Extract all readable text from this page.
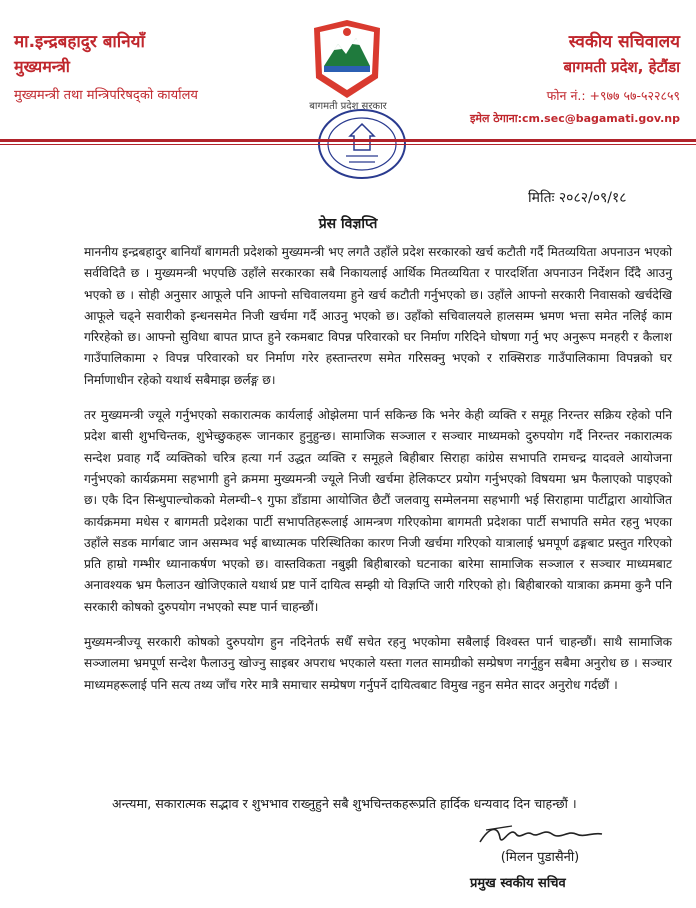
मा.इन्द्रबहादुर बानियाँ
मुख्यमन्त्री
मुख्यमन्त्री तथा मन्त्रिपरिषद्को कार्यालय
बागमती प्रदेश सरकार
स्वकीय सचिवालय
बागमती प्रदेश, हेटौंडा
फोन नं.: +९७७ ५७-५२२८५९
इमेल ठेगाना:cm.sec@bagamati.gov.np
मितिः २०८२/०९/१८
प्रेस विज्ञप्ति

माननीय इन्द्रबहादुर बानियाँ बागमती प्रदेशको मुख्यमन्त्री भए लगतै उहाँले प्रदेश सरकारको खर्च कटौती गर्दै मितव्ययिता अपनाउन भएको सर्वविदितै छ । मुख्यमन्त्री भएपछि उहाँले सरकारका सबै निकायलाई आर्थिक मितव्ययिता र पारदर्शिता अपनाउन निर्देशन दिँदै आउनु भएको छ । सोही अनुसार आफूले पनि आफ्नो सचिवालयमा हुने खर्च कटौती गर्नुभएको छ। उहाँले आफ्नो सरकारी निवासको खर्चदेखि आफूले चढ्ने सवारीको इन्धनसमेत निजी खर्चमा गर्दै आउनु भएको छ। उहाँको सचिवालयले हालसम्म भ्रमण भत्ता समेत नलिई काम गरिरहेको छ। आफ्नो सुविधा बापत प्राप्त हुने रकमबाट विपन्न परिवारको घर निर्माण गरिदिने घोषणा गर्नु भए अनुरूप मनहरी र कैलाश गाउँपालिकामा २ विपन्न परिवारको घर निर्माण गरेर हस्तान्तरण समेत गरिसक्नु भएको र राक्सिराङ गाउँपालिकामा विपन्नको घर निर्माणाधीन रहेको यथार्थ सबैमाझ छर्लङ्ग छ।

तर मुख्यमन्त्री ज्यूले गर्नुभएको सकारात्मक कार्यलाई ओझेलमा पार्न सकिन्छ कि भनेर केही व्यक्ति र समूह निरन्तर सक्रिय रहेको पनि प्रदेश बासी शुभचिन्तक, शुभेच्छुकहरू जानकार हुनुहुन्छ। सामाजिक सञ्जाल र सञ्चार माध्यमको दुरुपयोग गर्दै निरन्तर नकारात्मक सन्देश प्रवाह गर्दै व्यक्तिको चरित्र हत्या गर्न उद्धत व्यक्ति र समूहले बिहीबार सिराहा कांग्रेस सभापति रामचन्द्र यादवले आयोजना गर्नुभएको कार्यक्रममा सहभागी हुने क्रममा मुख्यमन्त्री ज्यूले निजी खर्चमा हेलिकप्टर प्रयोग गर्नुभएको विषयमा भ्रम फैलाएको पाइएको छ। एकै दिन सिन्धुपाल्चोकको मेलम्ची–९ गुफा डाँडामा आयोजित छैटौं जलवायु सम्मेलनमा सहभागी भई सिराहामा पार्टीद्वारा आयोजित कार्यक्रममा मधेस र बागमती प्रदेशका पार्टी सभापतिहरूलाई आमन्त्रण गरिएकोमा बागमती प्रदेशका पार्टी सभापति समेत रहनु भएका उहाँले सडक मार्गबाट जान असम्भव भई बाध्यात्मक परिस्थितिका कारण निजी खर्चमा गरिएको यात्रालाई भ्रमपूर्ण ढङ्गबाट प्रस्तुत गरिएको प्रति हाम्रो गम्भीर ध्यानाकर्षण भएको छ। वास्तविकता नबुझी बिहीबारको घटनाका बारेमा सामाजिक सञ्जाल र सञ्चार माध्यमबाट अनावश्यक भ्रम फैलाउन खोजिएकाले यथार्थ प्रष्ट पार्ने दायित्व सम्झी यो विज्ञप्ति जारी गरिएको हो। बिहीबारको यात्राका क्रममा कुनै पनि सरकारी कोषको दुरुपयोग नभएको स्पष्ट पार्न चाहन्छौं।

मुख्यमन्त्रीज्यू सरकारी कोषको दुरुपयोग हुन नदिनेतर्फ सधैँ सचेत रहनु भएकोमा सबैलाई विश्वस्त पार्न चाहन्छौं। साथै सामाजिक सञ्जालमा भ्रमपूर्ण सन्देश फैलाउनु खोज्नु साइबर अपराध भएकाले यस्ता गलत सामग्रीको सम्प्रेषण नगर्नुहुन सबैमा अनुरोध छ । सञ्चार माध्यमहरूलाई पनि सत्य तथ्य जाँच गरेर मात्रै समाचार सम्प्रेषण गर्नुपर्ने दायित्वबाट विमुख नहुन समेत सादर अनुरोध गर्दछौं ।

अन्त्यमा, सकारात्मक सद्भाव र शुभभाव राख्नुहुने सबै शुभचिन्तकहरूप्रति हार्दिक धन्यवाद दिन चाहन्छौं ।
(मिलन पुडासैनी)
प्रमुख स्वकीय सचिव
